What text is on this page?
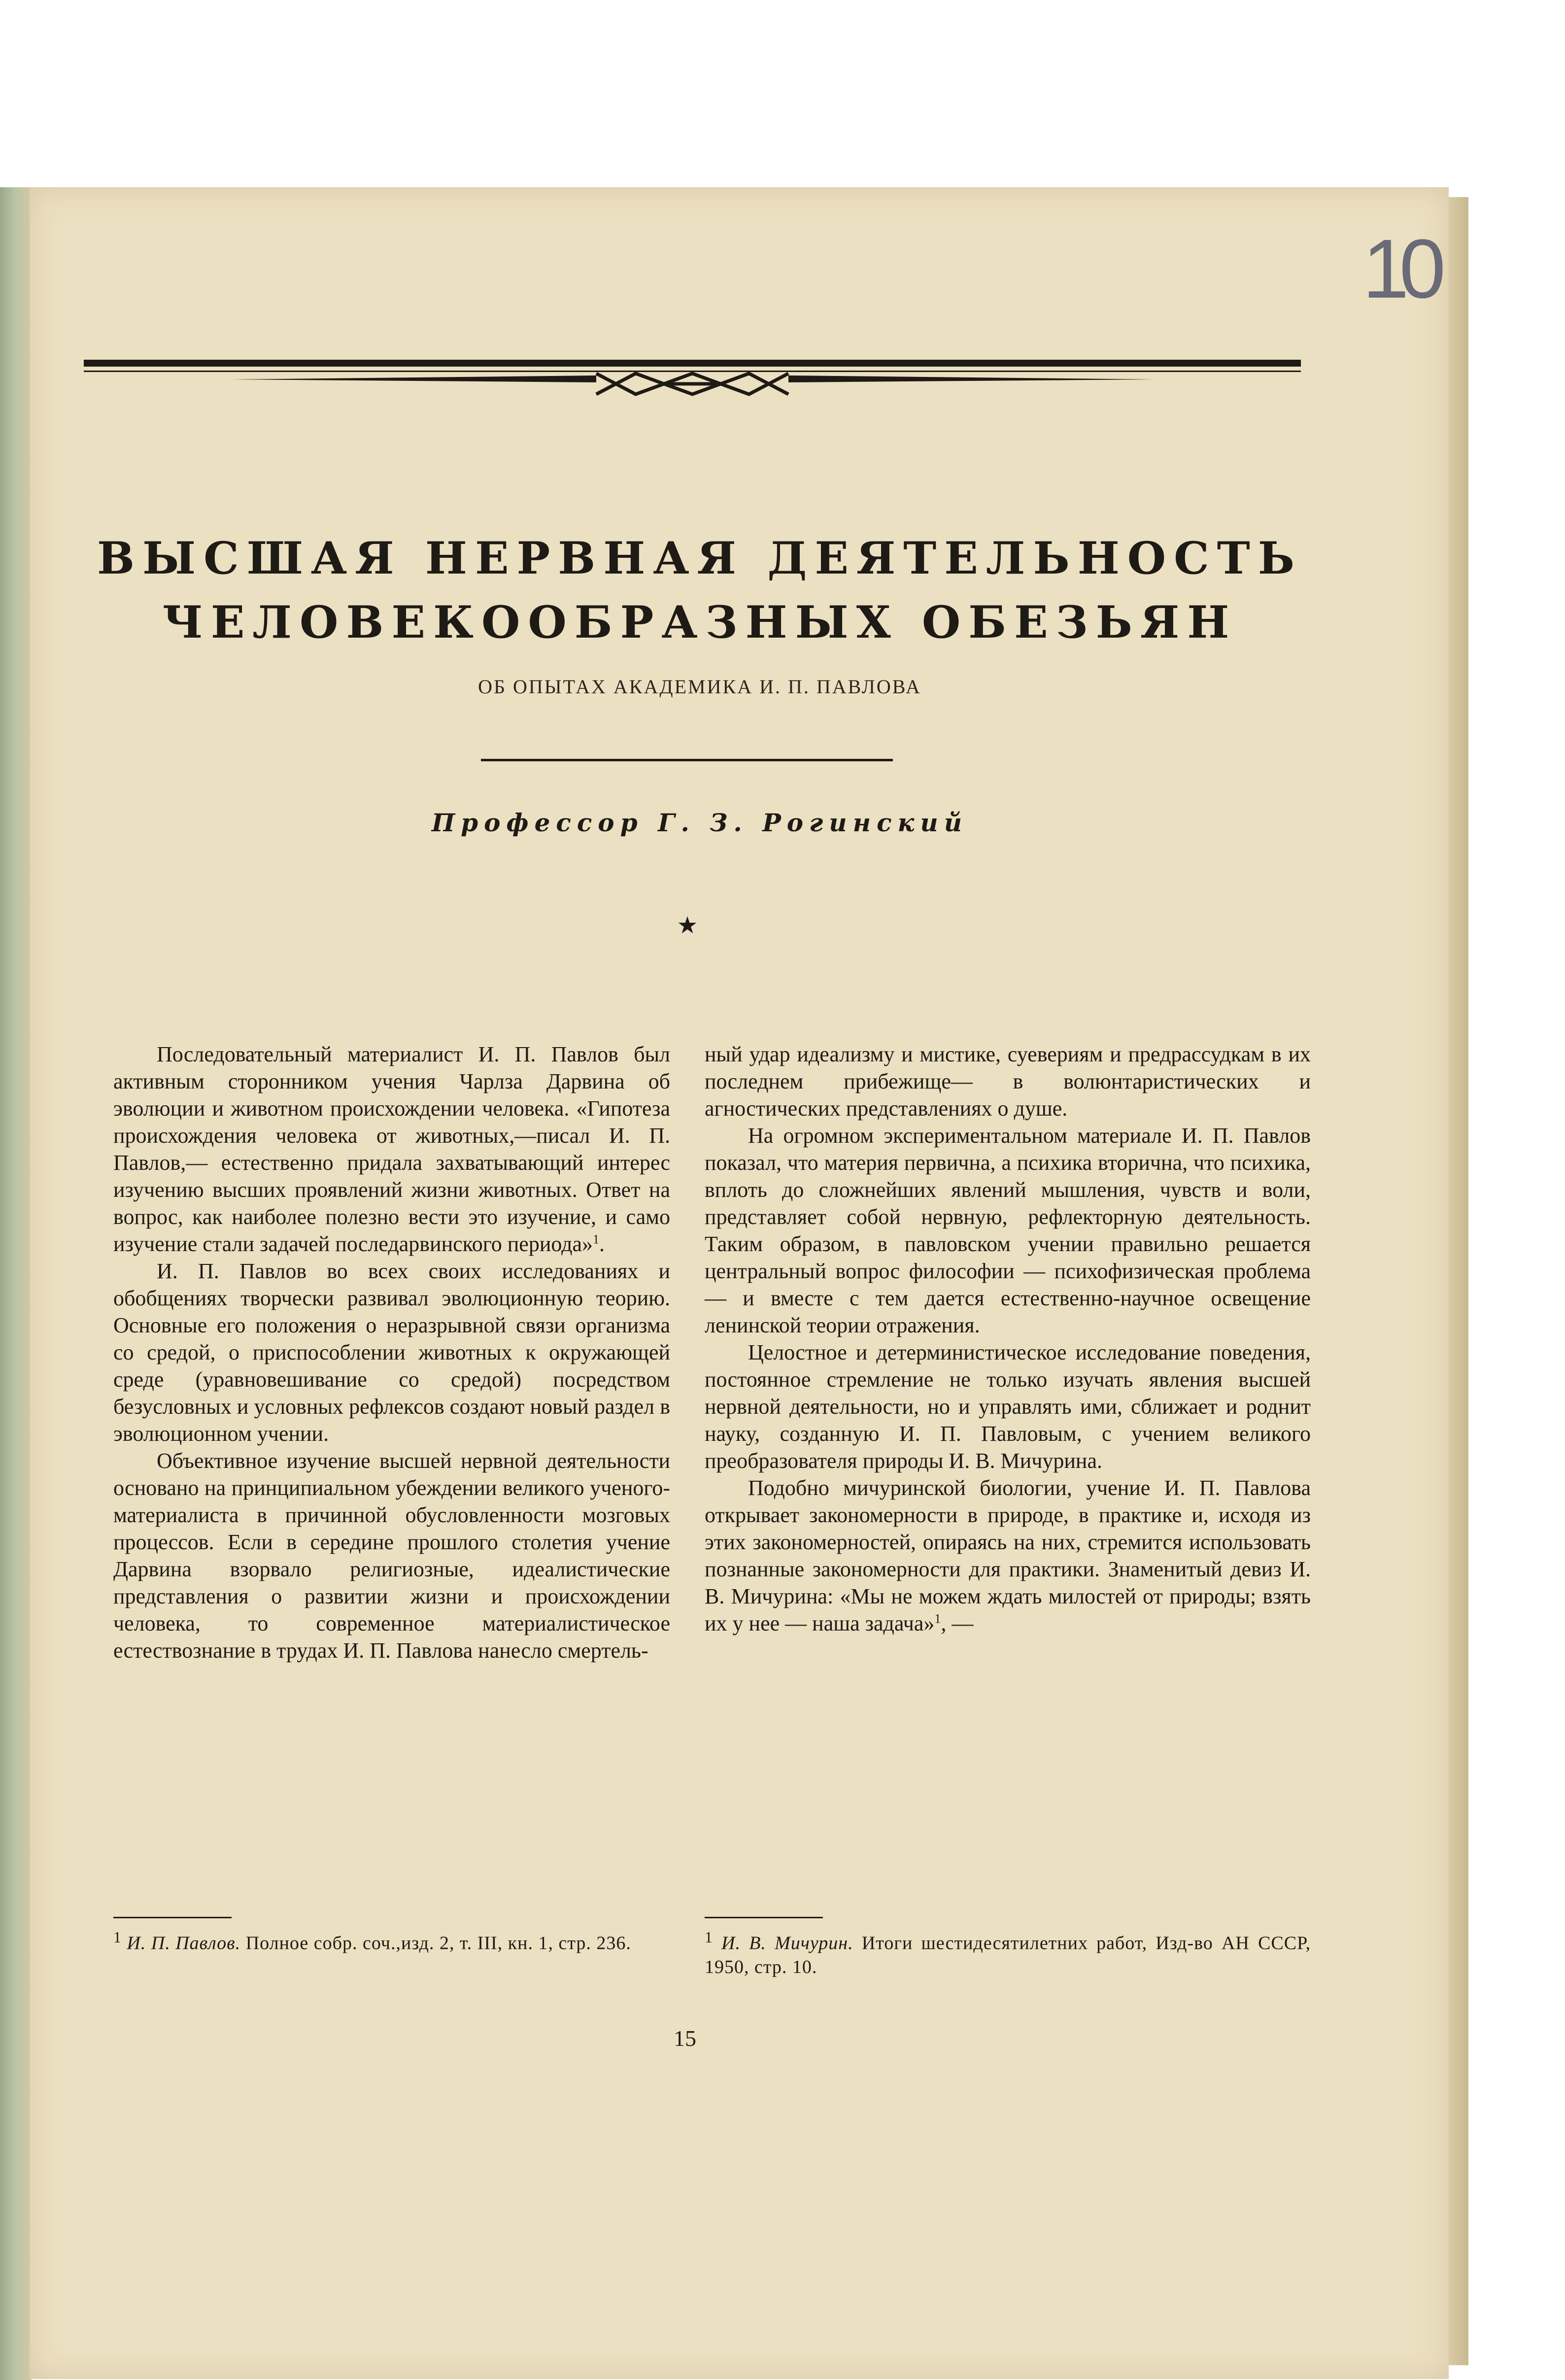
10
ВЫСШАЯ НЕРВНАЯ ДЕЯТЕЛЬНОСТЬ
ЧЕЛОВЕКООБРАЗНЫХ ОБЕЗЬЯН
ОБ ОПЫТАХ АКАДЕМИКА И. П. ПАВЛОВА
Профессор Г. З. Рогинский
★

Последовательный материалист И. П. Павлов был активным сторонником учения Чарлза Дарвина об эволюции и животном происхождении человека. «Гипотеза происхождения человека от животных,—писал И. П. Павлов,— естественно придала захватывающий интерес изучению высших проявлений жизни животных. Ответ на вопрос, как наиболее полезно вести это изучение, и само изучение стали задачей последарвинского периода»$^1$.

И. П. Павлов во всех своих исследованиях и обобщениях творчески развивал эволюционную теорию. Основные его положения о неразрывной связи организма со средой, о приспособлении животных к окружающей среде (уравновешивание со средой) посредством безусловных и условных рефлексов создают новый раздел в эволюционном учении.

Объективное изучение высшей нервной деятельности основано на принципиальном убеждении великого ученого-материалиста в причинной обусловленности мозговых процессов. Если в середине прошлого столетия учение Дарвина взорвало религиозные, идеалистические представления о развитии жизни и происхождении человека, то современное материалистическое естествознание в трудах И. П. Павлова нанесло смертель-

ный удар идеализму и мистике, суевериям и предрассудкам в их последнем прибежище— в волюнтаристических и агностических представлениях о душе.

На огромном экспериментальном материале И. П. Павлов показал, что материя первична, а психика вторична, что психика, вплоть до сложнейших явлений мышления, чувств и воли, представляет собой нервную, рефлекторную деятельность. Таким образом, в павловском учении правильно решается центральный вопрос философии — психофизическая проблема — и вместе с тем дается естественно-научное освещение ленинской теории отражения.

Целостное и детерминистическое исследование поведения, постоянное стремление не только изучать явления высшей нервной деятельности, но и управлять ими, сближает и роднит науку, созданную И. П. Павловым, с учением великого преобразователя природы И. В. Мичурина.

Подобно мичуринской биологии, учение И. П. Павлова открывает закономерности в природе, в практике и, исходя из этих закономерностей, опираясь на них, стремится использовать познанные закономерности для практики. Знаменитый девиз И. В. Мичурина: «Мы не можем ждать милостей от природы; взять их у нее — наша задача»$^1$, —

$^1$ И. П. Павлов. Полное собр. соч.,изд. 2, т. III, кн. 1, стр. 236.	$^1$ И. В. Мичурин. Итоги шестидесятилетних работ, Изд-во АН СССР, 1950, стр. 10.
15
